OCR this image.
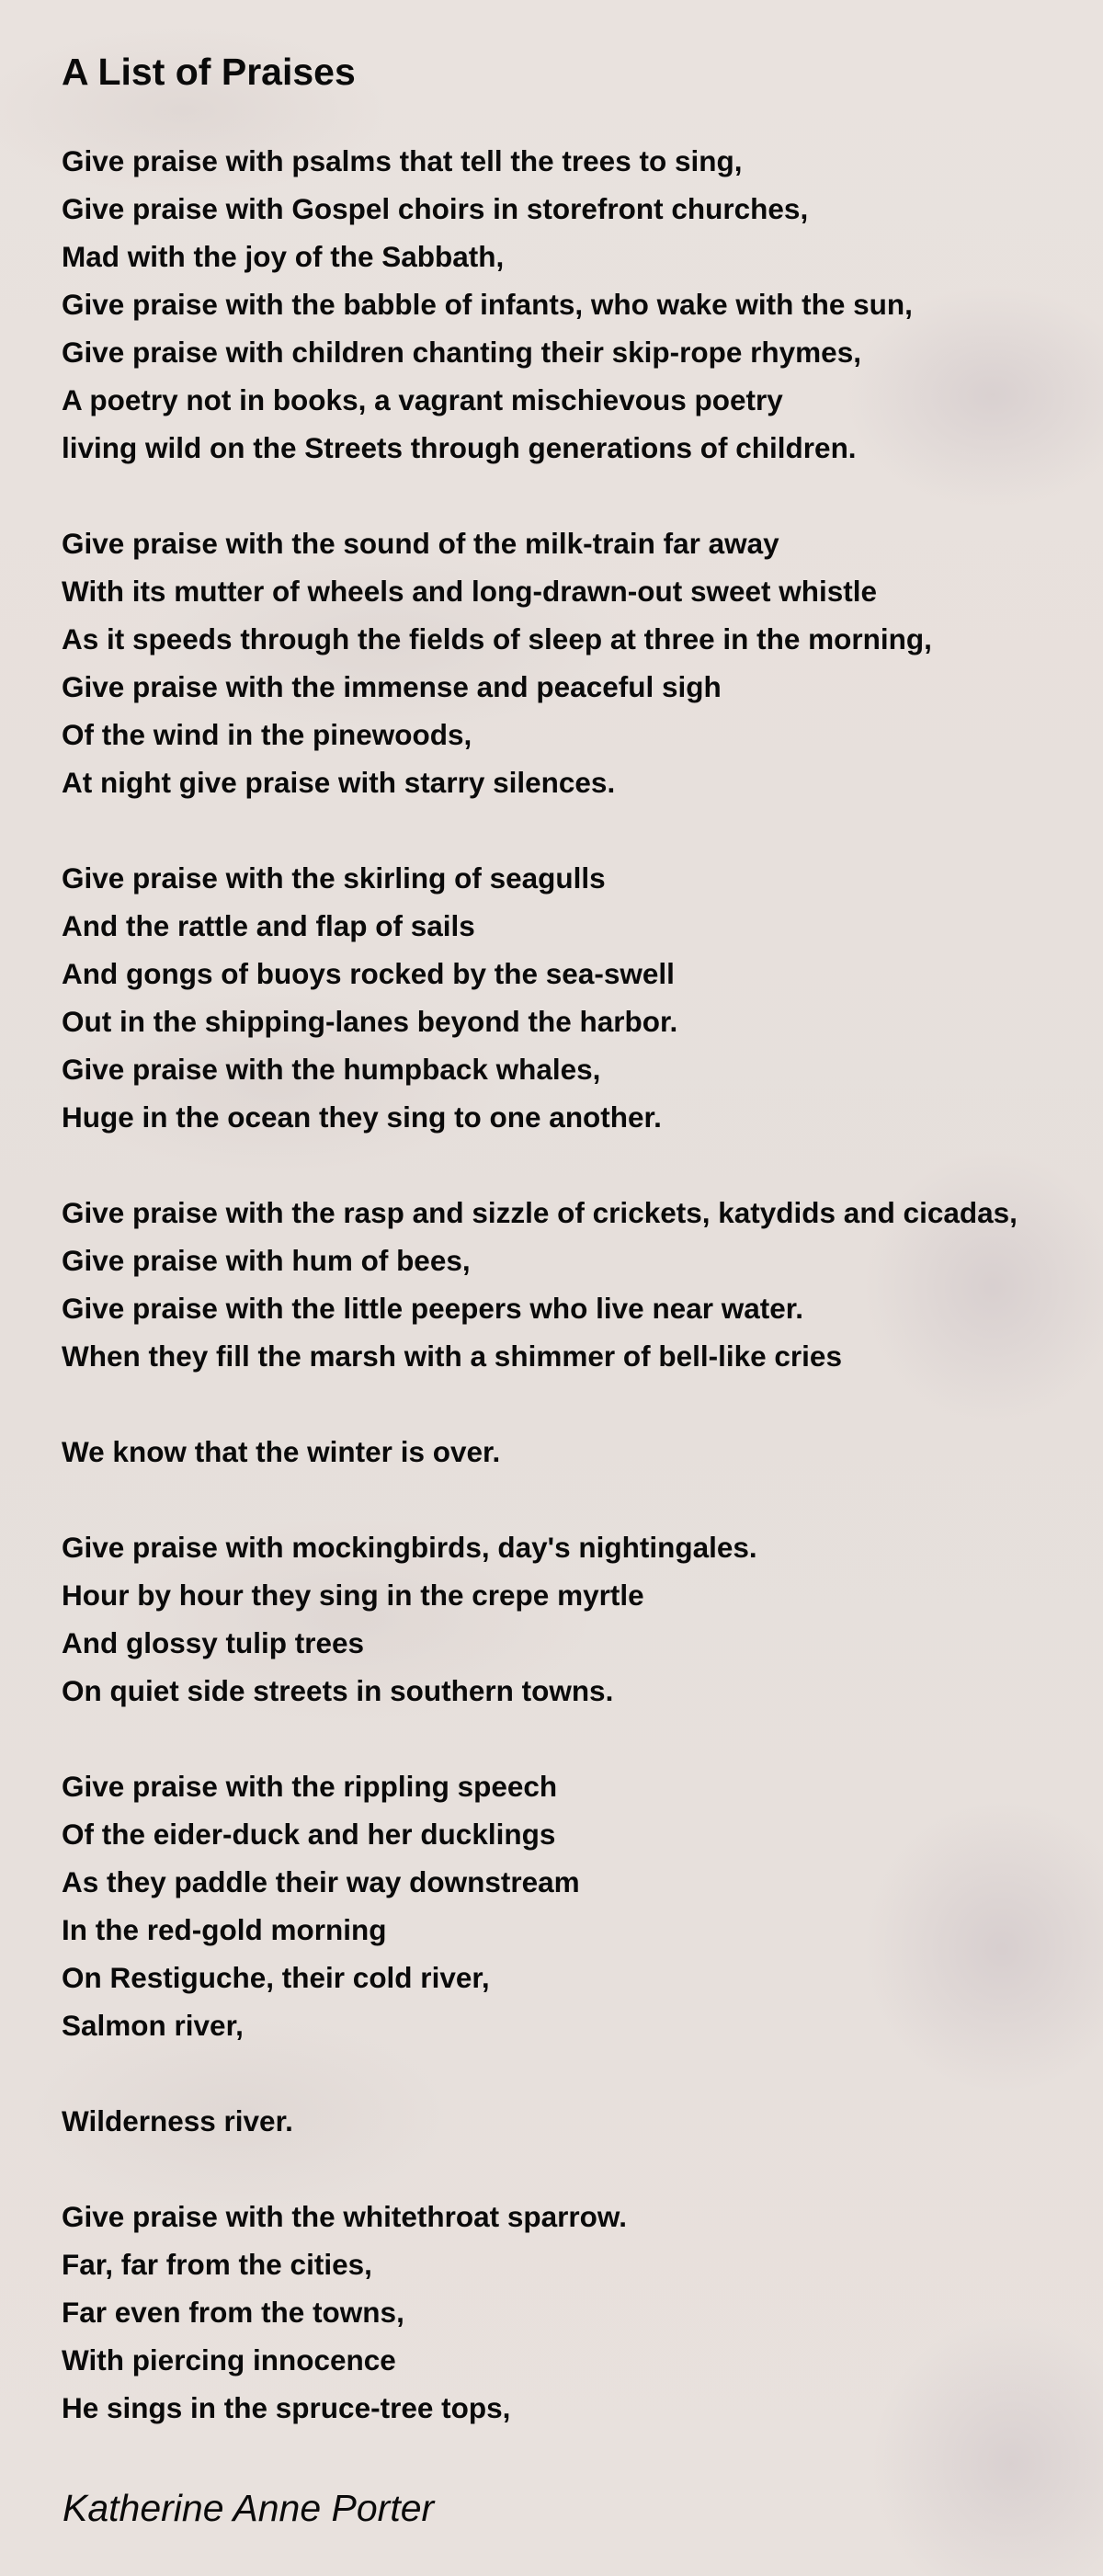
A List of Praises
Give praise with psalms that tell the trees to sing,
Give praise with Gospel choirs in storefront churches,
Mad with the joy of the Sabbath,
Give praise with the babble of infants, who wake with the sun,
Give praise with children chanting their skip-rope rhymes,
A poetry not in books, a vagrant mischievous poetry
living wild on the Streets through generations of children.
Give praise with the sound of the milk-train far away
With its mutter of wheels and long-drawn-out sweet whistle
As it speeds through the fields of sleep at three in the morning,
Give praise with the immense and peaceful sigh
Of the wind in the pinewoods,
At night give praise with starry silences.
Give praise with the skirling of seagulls
And the rattle and flap of sails
And gongs of buoys rocked by the sea-swell
Out in the shipping-lanes beyond the harbor.
Give praise with the humpback whales,
Huge in the ocean they sing to one another.
Give praise with the rasp and sizzle of crickets, katydids and cicadas,
Give praise with hum of bees,
Give praise with the little peepers who live near water.
When they fill the marsh with a shimmer of bell-like cries
We know that the winter is over.
Give praise with mockingbirds, day's nightingales.
Hour by hour they sing in the crepe myrtle
And glossy tulip trees
On quiet side streets in southern towns.
Give praise with the rippling speech
Of the eider-duck and her ducklings
As they paddle their way downstream
In the red-gold morning
On Restiguche, their cold river,
Salmon river,
Wilderness river.
Give praise with the whitethroat sparrow.
Far, far from the cities,
Far even from the towns,
With piercing innocence
He sings in the spruce-tree tops,
Katherine Anne Porter
